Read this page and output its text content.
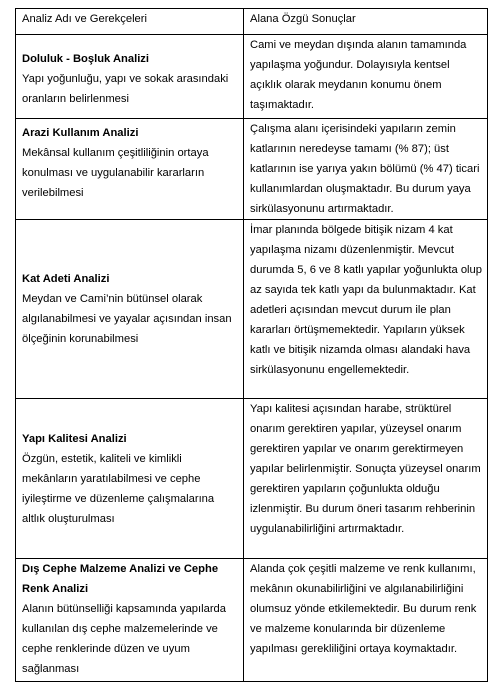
Analiz Adı ve Gerekçeleri	Alana Özgü Sonuçlar

Doluluk - Boşluk Analizi
Yapı yoğunluğu, yapı ve sokak arasındaki oranların belirlenmesi	Cami ve meydan dışında alanın tamamında yapılaşma yoğundur. Dolayısıyla kentsel açıklık olarak meydanın konumu önem taşımaktadır.

Arazi Kullanım Analizi
Mekânsal kullanım çeşitliliğinin ortaya konulması ve uygulanabilir kararların verilebilmesi	Çalışma alanı içerisindeki yapıların zemin katlarının neredeyse tamamı (% 87); üst katlarının ise yarıya yakın bölümü (% 47) ticari kullanımlardan oluşmaktadır. Bu durum yaya sirkülasyonunu artırmaktadır.

Kat Adeti Analizi
Meydan ve Cami’nin bütünsel olarak algılanabilmesi ve yayalar açısından insan ölçeğinin korunabilmesi	İmar planında bölgede bitişik nizam 4 kat yapılaşma nizamı düzenlenmiştir. Mevcut durumda 5, 6 ve 8 katlı yapılar yoğunlukta olup az sayıda tek katlı yapı da bulunmaktadır. Kat adetleri açısından mevcut durum ile plan kararları örtüşmemektedir. Yapıların yüksek katlı ve bitişik nizamda olması alandaki hava sirkülasyonunu engellemektedir.

Yapı Kalitesi Analizi
Özgün, estetik, kaliteli ve kimlikli mekânların yaratılabilmesi ve cephe iyileştirme ve düzenleme çalışmalarına altlık oluşturulması	Yapı kalitesi açısından harabe, strüktürel onarım gerektiren yapılar, yüzeysel onarım gerektiren yapılar ve onarım gerektirmeyen yapılar belirlenmiştir. Sonuçta yüzeysel onarım gerektiren yapıların çoğunlukta olduğu izlenmiştir. Bu durum öneri tasarım rehberinin uygulanabilirliğini artırmaktadır.

Dış Cephe Malzeme Analizi ve Cephe Renk Analizi
Alanın bütünselliği kapsamında yapılarda kullanılan dış cephe malzemelerinde ve cephe renklerinde düzen ve uyum sağlanması	Alanda çok çeşitli malzeme ve renk kullanımı, mekânın okunabilirliğini ve algılanabilirliğini olumsuz yönde etkilemektedir. Bu durum renk ve malzeme konularında bir düzenleme yapılması gerekliliğini ortaya koymaktadır.
